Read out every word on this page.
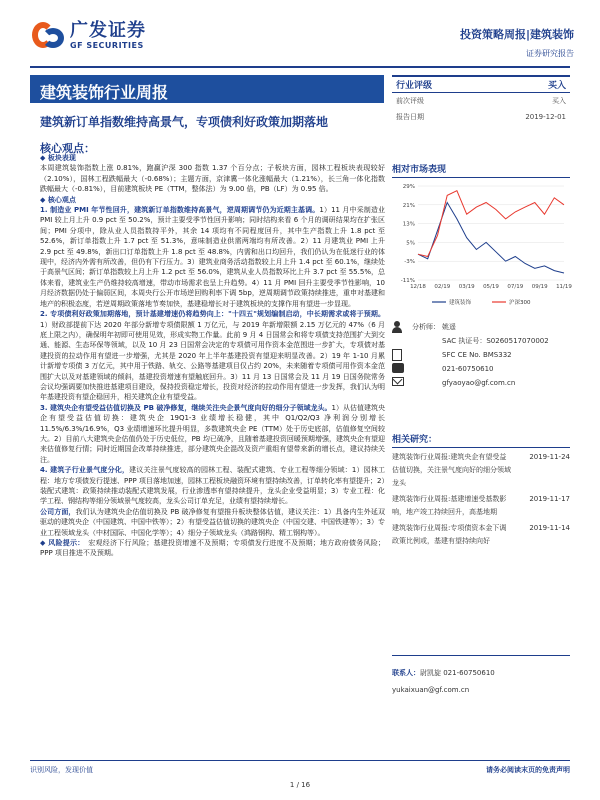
广发证券
GF SECURITIES
投资策略周报|建筑装饰
证券研究报告
建筑装饰行业周报
建筑新订单指数维持高景气，专项债利好政策加期落地
核心观点：

◆ 板块表现

本周建筑装饰指数上涨 0.81%，跑赢沪深 300 指数 1.37 个百分点；子板块方面，园林工程板块表现较好（2.10%），国林工程跌幅最大（-0.68%）；主题方面，京津冀一体化涨幅最大（1.21%），长三角一体化指数跌幅最大（-0.81%），目前建筑板块 PE（TTM，整体法）为 9.00 倍，PB（LF）为 0.95 倍。

◆ 核心观点

1. 制造业 PMI 年节性回升，建筑新订单指数维持高景气，逆周期调节仍为近期主基调。1）11 月中采制造业 PMI 较上月上升 0.9 pct 至 50.2%，预计主要受季节性回升影响；同时结构来看 6 个月的调研结果均在扩张区间；PMI 分项中，除从业人员指数持平外，其余 14 项均有不同程度回升，其中生产指数上升 1.8 pct 至 52.6%，新订单指数上升 1.7 pct 至 51.3%，意味制造业供需两端均有所改善。2）11 月建筑业 PMI 上升 2.9 pct 至 49.8%，新出口订单指数上升 1.8 pct 至 48.8%，内需和出口均回升，我们仍认为在低迷行业的体现中，经济内外需有所改善，但仍有下行压力。3）建筑业商务活动指数较上月上升 1.4 pct 至 60.1%，继续处于高景气区间；新订单指数较上月上升 1.2 pct 至 56.0%，建筑从业人员指数环比上升 3.7 pct 至 55.5%，总体来看，建筑业生产仍维持较高增速，带动市场需求也呈上升趋势。4）11 月 PMI 回升主要受季节性影响，10 月经济数据仍处于偏弱区间，本周央行公开市场逆回购利率下调 5bp，逆周期调节政策持续推进，重申对基建和地产的积极态度，若逆周期政策落地节奏加快，基建稳增长对于建筑板块的支撑作用有望进一步显现。

2. 专项债利好政策加期落地，预计基建增速仍将趋势向上："十四五"规划编制启动，中长期需求或将于预期。1）财政部提前下达 2020 年部分新增专项债限额 1 万亿元，与 2019 年新增限额 2.15 万亿元的 47%（6 月底上限之内），确保明年初即可使用见效，形成实物工作量。此前 9 月 4 日国常会和将专项债支持范围扩大到交通、能源、生态环保等领域，以及 10 月 23 日国常会决定的专项债可用作资本金范围进一步扩大，专项债对基建投资的拉动作用有望进一步增强，尤其是 2020 年上半年基建投资有望迎来明显改善。2）19 年 1-10 月累计新增专项债 3 万亿元，其中用于铁路、轨交、公路等基建项目仅占约 20%，未来随着专项债可用作资本金范围扩大以及对基建领域的倾斜，基建投资增速有望触底回升。3）11 月 13 日国常会及 11 月 19 日国务院常务会议均强调要加快推进基建项目建设，保持投资稳定增长，投资对经济的拉动作用有望进一步发挥，我们认为明年基建投资有望企稳回升，相关建筑企业有望受益。

3. 建筑央企有望受益估值切换及 PB 破净修复，继续关注央企景气度向好的细分子领域龙头。1）从估值建筑央企有望受益估值切换：建筑央企 19Q1-3 业绩增长稳健，其中 Q1/Q2/Q3 净利润分别增长 11.5%/6.3%/16.9%，Q3 业绩增速环比提升明显，多数建筑央企 PE（TTM）处于历史底部，估值修复空间较大。2）目前八大建筑央企估值仍处于历史低位，PB 均已破净，且随着基建投资回暖预期增强，建筑央企有望迎来估值修复行情；同时近期国企改革持续推进，部分建筑央企混改及资产重组有望带来新的增长点，建议持续关注。

4. 建筑子行业景气度分化，建议关注景气度较高的园林工程、装配式建筑、专业工程等细分领域：1）园林工程：地方专项债发行提速、PPP 项目落地加速，园林工程板块融资环境有望持续改善，订单转化率有望提升；2）装配式建筑：政策持续推动装配式建筑发展，行业渗透率有望持续提升，龙头企业受益明显；3）专业工程：化学工程、钢结构等细分领域景气度较高，龙头公司订单充足，业绩有望持续增长。

公司方面，我们认为建筑央企估值切换及 PB 破净修复有望推升板块整体估值，建议关注：1）具备内生外延双驱动的建筑央企（中国建筑、中国中铁等）；2）有望受益估值切换的建筑央企（中国交建、中国铁建等）；3）专业工程领域龙头（中材国际、中国化学等）；4）细分子领域龙头（鸿路钢构、精工钢构等）。

◆ 风险提示：　宏观经济下行风险；基建投资增速不及预期；专项债发行进度不及预期；地方政府债务风险；PPP 项目推进不及预期。

行业评级	买入
前次评级	买入
报告日期	2019-12-01
相对市场表现
29%
21%
13%
5%
-3%
-11%
12/18 02/19 03/19 05/19 07/19 09/19 11/19
建筑装饰	沪深300
分析师： 姚遥
SAC 执证号：S0260517070002
SFC CE No. BMS332
021-60750610
gfyaoyao@gf.com.cn
相关研究：
建筑装饰行业周报:建筑央企有望受益估值切换，关注景气度向好的细分领域龙头
2019-11-24
建筑装饰行业周报:基建增速受基数影响，地产竣工持续回升，高基地期
2019-11-17
建筑装饰行业周报:专项债资本金下调政策比例或，基建有望持续向好
2019-11-14
联系人：尉凯旋 021-60750610
yukaixuan@gf.com.cn
识别风险，发现价值	请务必阅读末页的免责声明
1 / 16
